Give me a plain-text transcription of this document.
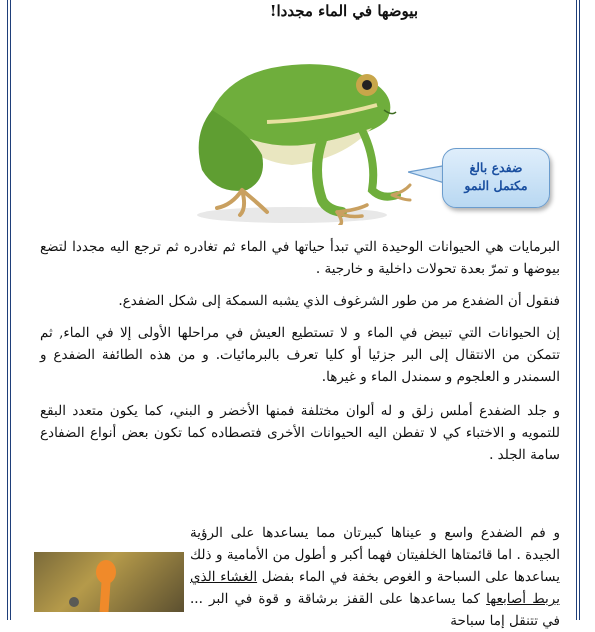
بيوضها في الماء مجددا!
ضفدع بالغ
مكتمل النمو
البرمايات هي الحيوانات الوحيدة التي تبدأ حياتها في الماء ثم تغادره ثم ترجع اليه مجددا لتضع بيوضها و تمرّ بعدة تحولات داخلية و خارجية .
فنقول أن الضفدع مر من طور الشرغوف الذي يشبه السمكة إلى شكل الضفدع.
إن الحيوانات التي تبيض في الماء و لا تستطيع العيش في مراحلها الأولى إلا في الماء, ثم تتمكن من الانتقال إلى البر جزئيا أو كليا تعرف بالبرمائيات. و من هذه الطائفة الضفدع و السمندر و العلجوم و سمندل الماء و غيرها.
و جلد الضفدع أملس زلق و له ألوان مختلفة فمنها الأخضر و البني، كما يكون متعدد البقع للتمويه و الاختباء كي لا تفطن اليه الحيوانات الأخرى فتصطاده كما تكون بعض أنواع الضفادع سامة الجلد .
و فم الضفدع واسع و عيناها كبيرتان مما يساعدها على الرؤية الجيدة . اما قائمتاها الخلفيتان فهما أكبر و أطول من الأمامية و ذلك يساعدها على السباحة و الغوص بخفة في الماء بفضل الغشاء الذي يربط أصابعها كما يساعدها على القفز برشاقة و قوة في البر ... في تتنقل إما سباحة
